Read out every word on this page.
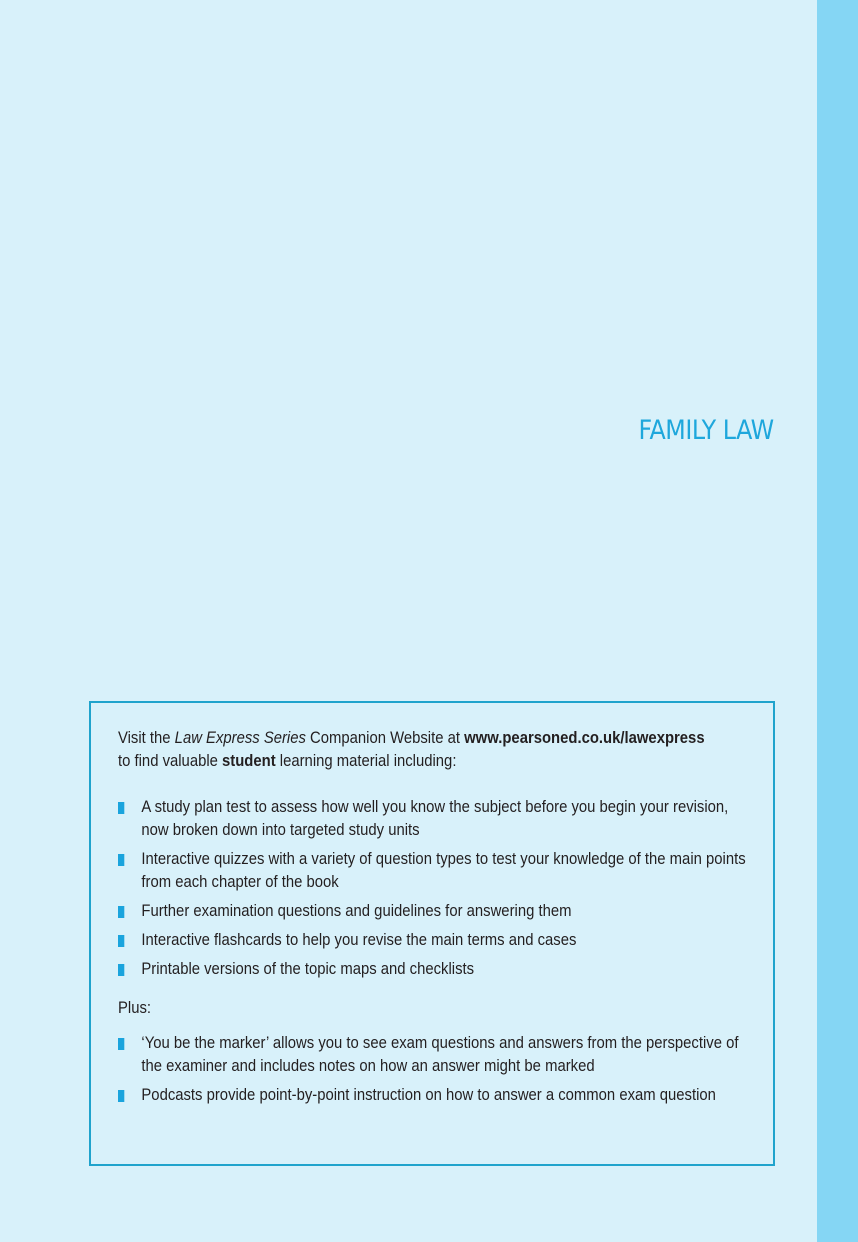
FAMILY LAW

Visit the Law Express Series Companion Website at www.pearsoned.co.uk/lawexpress
to find valuable student learning material including:

A study plan test to assess how well you know the subject before you begin your revision, now broken down into targeted study units
Interactive quizzes with a variety of question types to test your knowledge of the main points from each chapter of the book
Further examination questions and guidelines for answering them
Interactive flashcards to help you revise the main terms and cases
Printable versions of the topic maps and checklists

Plus:

‘You be the marker’ allows you to see exam questions and answers from the perspective of the examiner and includes notes on how an answer might be marked
Podcasts provide point-by-point instruction on how to answer a common exam question
